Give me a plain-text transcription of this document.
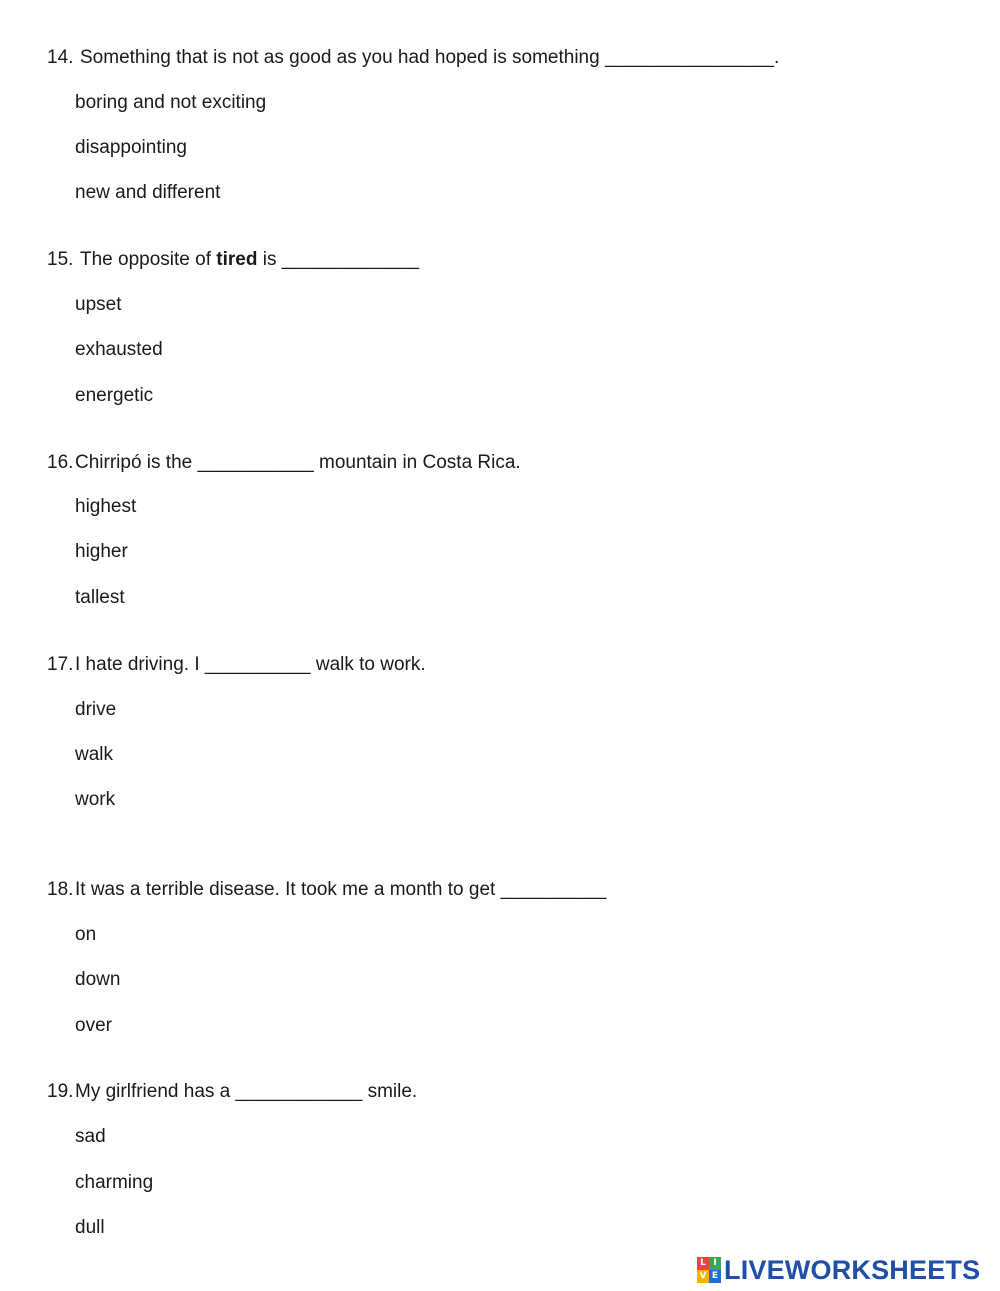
14. Something that is not as good as you had hoped is something ________________.
boring and not exciting
disappointing
new and different
15. The opposite of tired is _____________
upset
exhausted
energetic
16.Chirripó is the ___________ mountain in Costa Rica.
highest
higher
tallest
17.I hate driving. I __________ walk to work.
drive
walk
work
18.It was a terrible disease. It took me a month to get __________
on
down
over
19.My girlfriend has a ____________ smile.
sad
charming
dull
L I
V E LIVEWORKSHEETS
